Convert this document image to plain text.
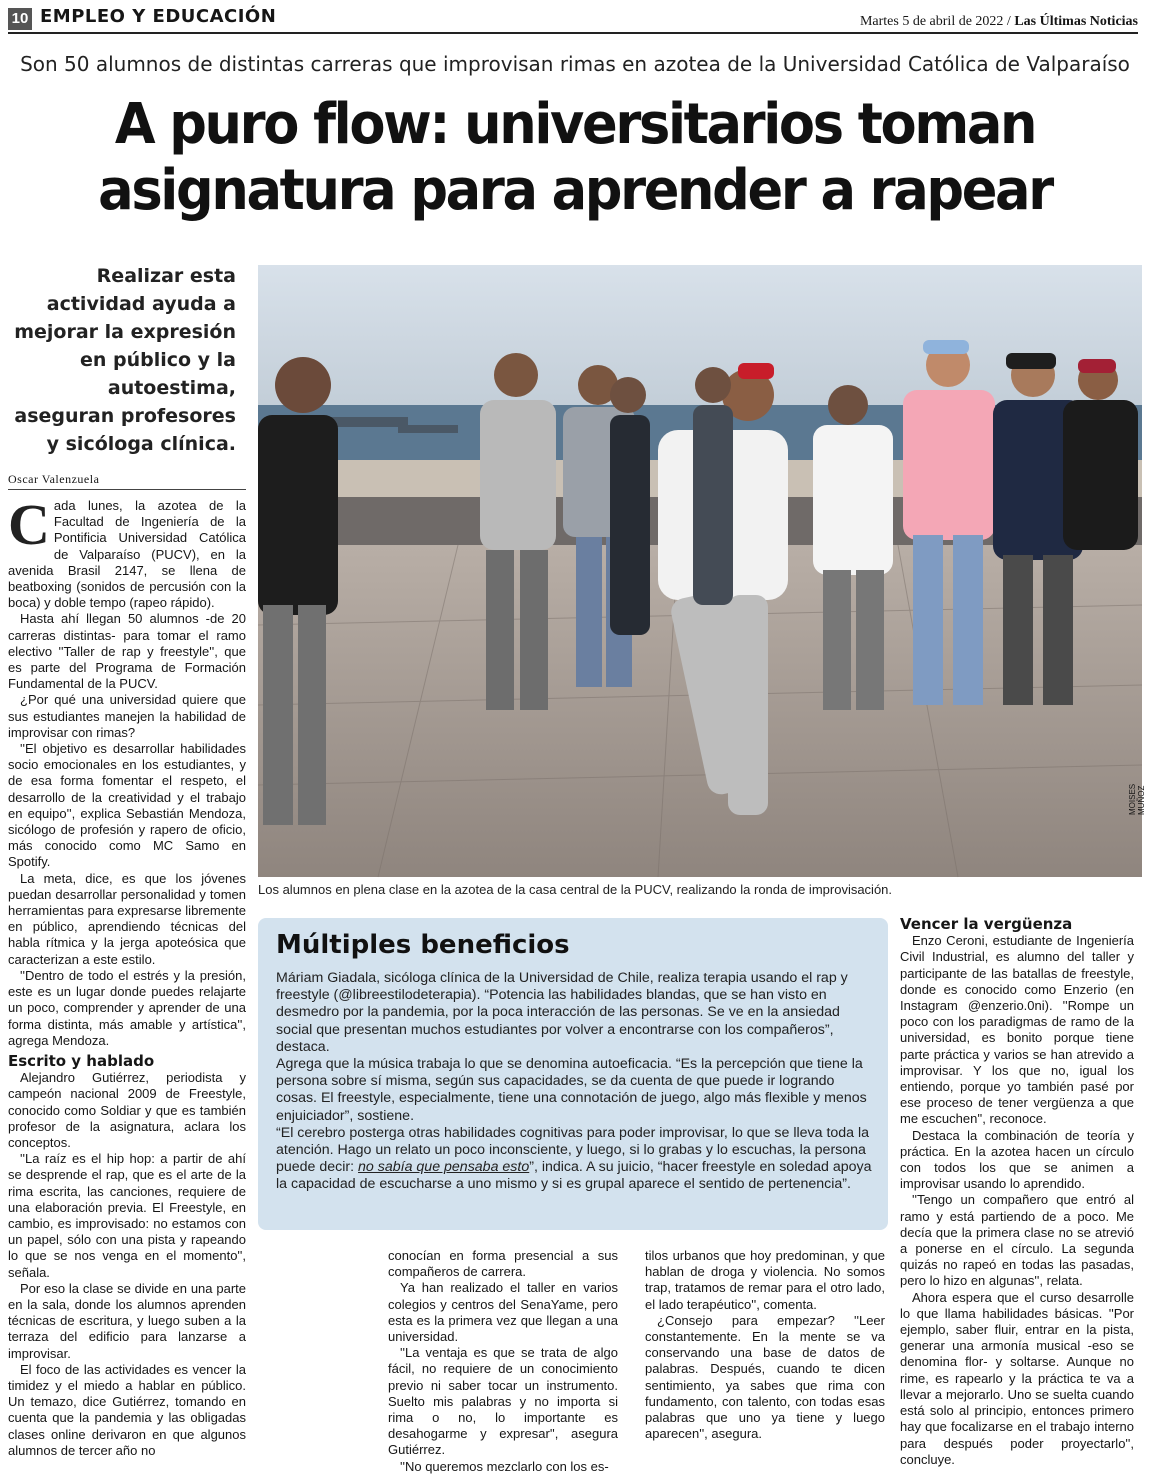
10 EMPLEO Y EDUCACIÓN	Martes 5 de abril de 2022 / Las Últimas Noticias
Son 50 alumnos de distintas carreras que improvisan rimas en azotea de la Universidad Católica de Valparaíso
A puro flow: universitarios toman
asignatura para aprender a rapear
Realizar esta actividad ayuda a mejorar la expresión en público y la autoestima, aseguran profesores y sicóloga clínica.
Oscar Valenzuela

Cada lunes, la azotea de la Facultad de Ingeniería de la Pontificia Universidad Católica de Valparaíso (PUCV), en la avenida Brasil 2147, se llena de beatboxing (sonidos de percusión con la boca) y doble tempo (rapeo rápido).

Hasta ahí llegan 50 alumnos -de 20 carreras distintas- para tomar el ramo electivo ''Taller de rap y freestyle'', que es parte del Programa de Formación Fundamental de la PUCV.

¿Por qué una universidad quiere que sus estudiantes manejen la habilidad de improvisar con rimas?

''El objetivo es desarrollar habilidades socio emocionales en los estudiantes, y de esa forma fomentar el respeto, el desarrollo de la creatividad y el trabajo en equipo'', explica Sebastián Mendoza, sicólogo de profesión y rapero de oficio, más conocido como MC Samo en Spotify.

La meta, dice, es que los jóvenes puedan desarrollar personalidad y tomen herramientas para expresarse libremente en público, aprendiendo técnicas del habla rítmica y la jerga apoteósica que caracterizan a este estilo.

''Dentro de todo el estrés y la presión, este es un lugar donde puedes relajarte un poco, comprender y aprender de una forma distinta, más amable y artística'', agrega Mendoza.

Escrito y hablado

Alejandro Gutiérrez, periodista y campeón nacional 2009 de Freestyle, conocido como Soldiar y que es también profesor de la asignatura, aclara los conceptos.

''La raíz es el hip hop: a partir de ahí se desprende el rap, que es el arte de la rima escrita, las canciones, requiere de una elaboración previa. El Freestyle, en cambio, es improvisado: no estamos con un papel, sólo con una pista y rapeando lo que se nos venga en el momento'', señala.

Por eso la clase se divide en una parte en la sala, donde los alumnos aprenden técnicas de escritura, y luego suben a la terraza del edificio para lanzarse a improvisar.

El foco de las actividades es vencer la timidez y el miedo a hablar en público. Un temazo, dice Gutiérrez, tomando en cuenta que la pandemia y las obligadas clases online derivaron en que algunos alumnos de tercer año no

MOISES MUÑOZ
Los alumnos en plena clase en la azotea de la casa central de la PUCV, realizando la ronda de improvisación.
Múltiples beneficios

Máriam Giadala, sicóloga clínica de la Universidad de Chile, realiza terapia usando el rap y freestyle (@libreestilodeterapia). “Potencia las habilidades blandas, que se han visto en desmedro por la pandemia, por la poca interacción de las personas. Se ve en la ansiedad social que presentan muchos estudiantes por volver a encontrarse con los compañeros”, destaca.

Agrega que la música trabaja lo que se denomina autoeficacia. “Es la percepción que tiene la persona sobre sí misma, según sus capacidades, se da cuenta de que puede ir logrando cosas. El freestyle, especialmente, tiene una connotación de juego, algo más flexible y menos enjuiciador”, sostiene.

“El cerebro posterga otras habilidades cognitivas para poder improvisar, lo que se lleva toda la atención. Hago un relato un poco inconsciente, y luego, si lo grabas y lo escuchas, la persona puede decir: no sabía que pensaba esto”, indica. A su juicio, “hacer freestyle en soledad apoya la capacidad de escucharse a uno mismo y si es grupal aparece el sentido de pertenencia”.

conocían en forma presencial a sus compañeros de carrera.

Ya han realizado el taller en varios colegios y centros del SenaYame, pero esta es la primera vez que llegan a una universidad.

''La ventaja es que se trata de algo fácil, no requiere de un conocimiento previo ni saber tocar un instrumento. Suelto mis palabras y no importa si rima o no, lo importante es desahogarme y expresar'', asegura Gutiérrez.

''No queremos mezclarlo con los es-

tilos urbanos que hoy predominan, y que hablan de droga y violencia. No somos trap, tratamos de remar para el otro lado, el lado terapéutico'', comenta.

¿Consejo para empezar? ''Leer constantemente. En la mente se va conservando una base de datos de palabras. Después, cuando te dicen sentimiento, ya sabes que rima con fundamento, con talento, con todas esas palabras que uno ya tiene y luego aparecen'', asegura.

Vencer la vergüenza

Enzo Ceroni, estudiante de Ingeniería Civil Industrial, es alumno del taller y participante de las batallas de freestyle, donde es conocido como Enzerio (en Instagram @enzerio.0ni). ''Rompe un poco con los paradigmas de ramo de la universidad, es bonito porque tiene parte práctica y varios se han atrevido a improvisar. Y los que no, igual los entiendo, porque yo también pasé por ese proceso de tener vergüenza a que me escuchen'', reconoce.

Destaca la combinación de teoría y práctica. En la azotea hacen un círculo con todos los que se animen a improvisar usando lo aprendido.

''Tengo un compañero que entró al ramo y está partiendo de a poco. Me decía que la primera clase no se atrevió a ponerse en el círculo. La segunda quizás no rapeó en todas las pasadas, pero lo hizo en algunas'', relata.

Ahora espera que el curso desarrolle lo que llama habilidades básicas. ''Por ejemplo, saber fluir, entrar en la pista, generar una armonía musical -eso se denomina flor- y soltarse. Aunque no rime, es rapearlo y la práctica te va a llevar a mejorarlo. Uno se suelta cuando está solo al principio, entonces primero hay que focalizarse en el trabajo interno para después poder proyectarlo'', concluye.
